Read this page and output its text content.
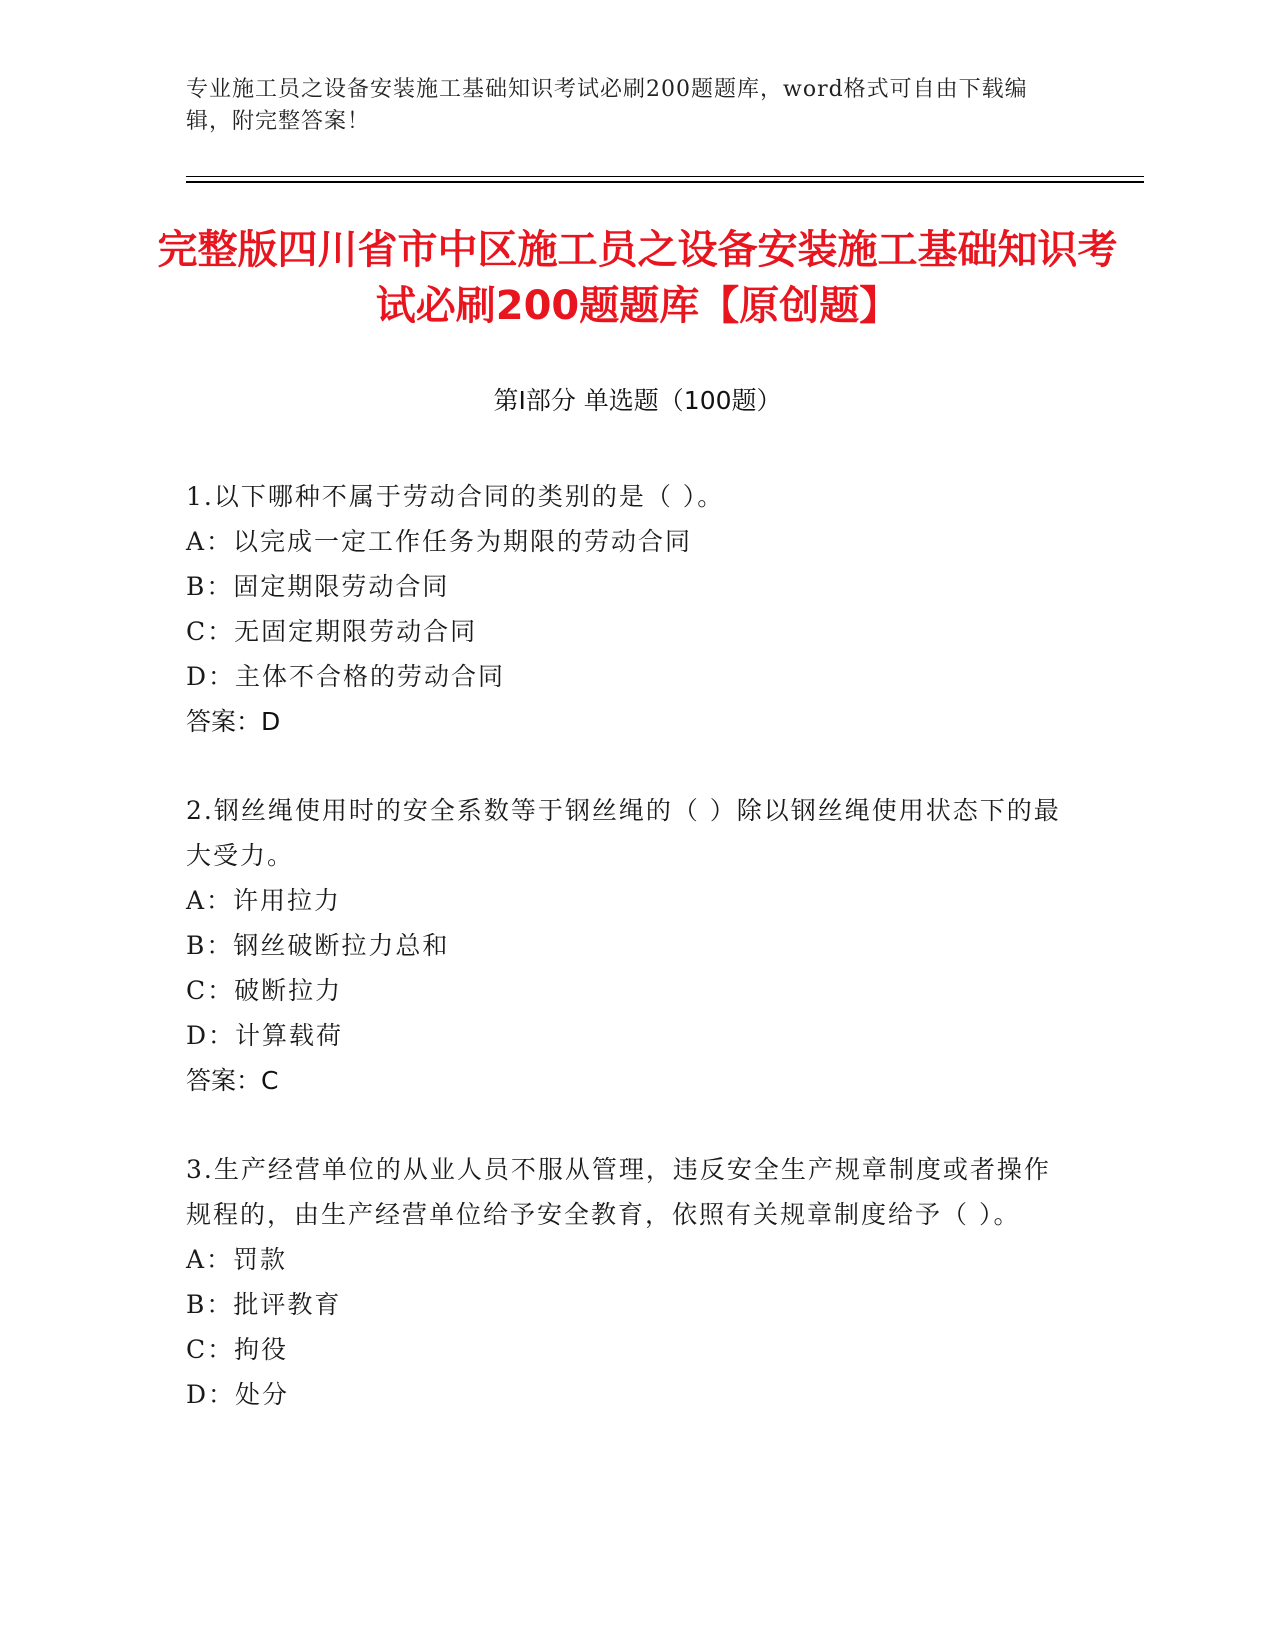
专业施工员之设备安装施工基础知识考试必刷200题题库，word格式可自由下载编辑，附完整答案！
完整版四川省市中区施工员之设备安装施工基础知识考试必刷200题题库【原创题】
第Ⅰ部分 单选题（100题）

1.以下哪种不属于劳动合同的类别的是（ ）。

A：以完成一定工作任务为期限的劳动合同

B：固定期限劳动合同

C：无固定期限劳动合同

D：主体不合格的劳动合同

答案：D

2.钢丝绳使用时的安全系数等于钢丝绳的（ ）除以钢丝绳使用状态下的最大受力。

A：许用拉力

B：钢丝破断拉力总和

C：破断拉力

D：计算载荷

答案：C

3.生产经营单位的从业人员不服从管理，违反安全生产规章制度或者操作规程的，由生产经营单位给予安全教育，依照有关规章制度给予（ ）。

A：罚款

B：批评教育

C：拘役

D：处分
